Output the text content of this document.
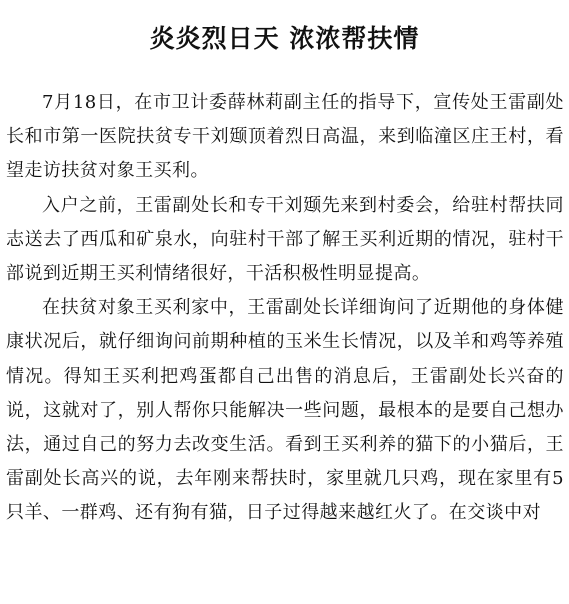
炎炎烈日天 浓浓帮扶情

7月18日，在市卫计委薛林莉副主任的指导下，宣传处王雷副处长和市第一医院扶贫专干刘颋顶着烈日高温，来到临潼区庄王村，看望走访扶贫对象王买利。

入户之前，王雷副处长和专干刘颋先来到村委会，给驻村帮扶同志送去了西瓜和矿泉水，向驻村干部了解王买利近期的情况，驻村干部说到近期王买利情绪很好，干活积极性明显提高。

在扶贫对象王买利家中，王雷副处长详细询问了近期他的身体健康状况后，就仔细询问前期种植的玉米生长情况，以及羊和鸡等养殖情况。得知王买利把鸡蛋都自己出售的消息后，王雷副处长兴奋的说，这就对了，别人帮你只能解决一些问题，最根本的是要自己想办法，通过自己的努力去改变生活。看到王买利养的猫下的小猫后，王雷副处长高兴的说，去年刚来帮扶时，家里就几只鸡，现在家里有5只羊、一群鸡、还有狗有猫，日子过得越来越红火了。在交谈中对
